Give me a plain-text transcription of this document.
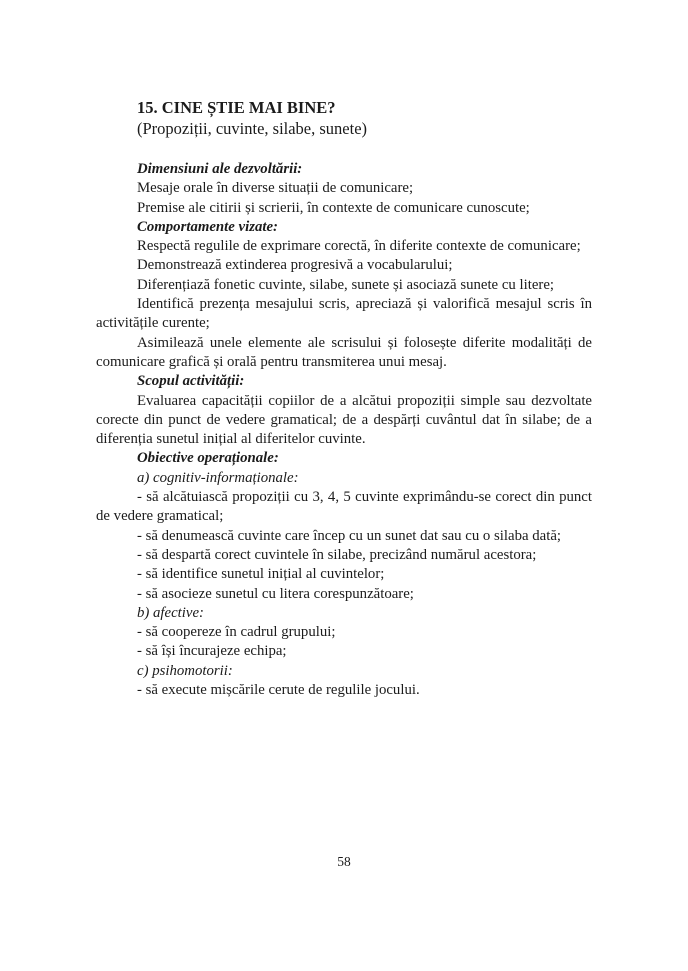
15. CINE ȘTIE MAI BINE?
(Propoziții, cuvinte, silabe, sunete)

Dimensiuni ale dezvoltării:

Mesaje orale în diverse situații de comunicare;

Premise ale citirii și scrierii, în contexte de comunicare cunoscute;

Comportamente vizate:

Respectă regulile de exprimare corectă, în diferite contexte de comunicare;

Demonstrează extinderea progresivă a vocabularului;

Diferențiază fonetic cuvinte, silabe, sunete și asociază sunete cu litere;

Identifică prezența mesajului scris, apreciază și valorifică mesajul scris în activitățile curente;

Asimilează unele elemente ale scrisului și folosește diferite modalități de comunicare grafică și orală pentru transmiterea unui mesaj.

Scopul activității:

Evaluarea capacității copiilor de a alcătui propoziții simple sau dezvoltate corecte din punct de vedere gramatical; de a despărți cuvântul dat în silabe; de a diferenția sunetul inițial al diferitelor cuvinte.

Obiective operaționale:

a) cognitiv-informaționale:

- să alcătuiască propoziții cu 3, 4, 5 cuvinte exprimându-se corect din punct de vedere gramatical;

- să denumească cuvinte care încep cu un sunet dat sau cu o silaba dată;

- să despartă corect cuvintele în silabe, precizând numărul acestora;

- să identifice sunetul inițial al cuvintelor;

- să asocieze sunetul cu litera corespunzătoare;

b) afective:

- să coopereze în cadrul grupului;

- să își încurajeze echipa;

c) psihomotorii:

- să execute mișcările cerute de regulile jocului.

58
